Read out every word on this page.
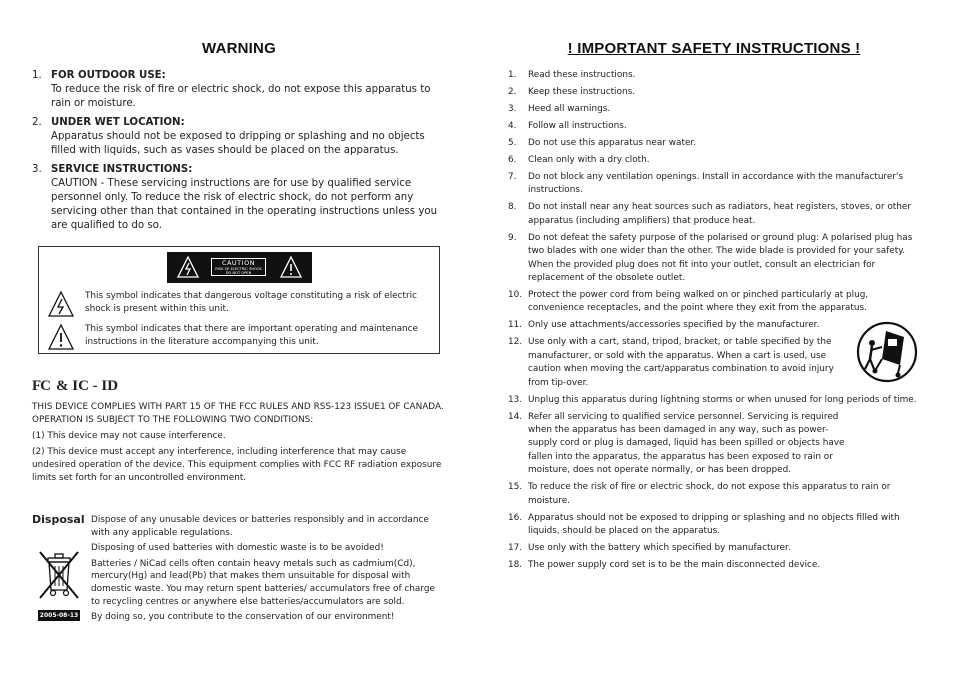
WARNING
1. FOR OUTDOOR USE:
To reduce the risk of fire or electric shock, do not expose this apparatus to rain or moisture.
2. UNDER WET LOCATION:
Apparatus should not be exposed to dripping or splashing and no objects filled with liquids, such as vases should be placed on the apparatus.
3. SERVICE INSTRUCTIONS:
CAUTION - These servicing instructions are for use by qualified service personnel only. To reduce the risk of electric shock, do not perform any servicing other than that contained in the operating instructions unless you are qualified to do so.
CAUTION
RISK OF ELECTRIC SHOCK
DO NOT OPEN
This symbol indicates that dangerous voltage constituting a risk of electric shock is present within this unit.
This symbol indicates that there are important operating and maintenance instructions in the literature accompanying this unit.
FC & IC - ID

THIS DEVICE COMPLIES WITH PART 15 OF THE FCC RULES AND RSS-123 ISSUE1 OF CANADA. OPERATION IS SUBJECT TO THE FOLLOWING TWO CONDITIONS:

(1) This device may not cause interference.

(2) This device must accept any interference, including interference that may cause undesired operation of the device. This equipment complies with FCC RF radiation exposure limits set forth for an uncontrolled environment.

Disposal Dispose of any unusable devices or batteries responsibly and in accordance with any applicable regulations.

Disposing of used batteries with domestic waste is to be avoided!

Batteries / NiCad cells often contain heavy metals such as cadmium(Cd), mercury(Hg) and lead(Pb) that makes them unsuitable for disposal with domestic waste. You may return spent batteries/ accumulators free of charge to recycling centres or anywhere else batteries/accumulators are sold.

By doing so, you contribute to the conservation of our environment!

2005-08-13
! IMPORTANT SAFETY INSTRUCTIONS !
1. Read these instructions.
2. Keep these instructions.
3. Heed all warnings.
4. Follow all instructions.
5. Do not use this apparatus near water.
6. Clean only with a dry cloth.
7. Do not block any ventilation openings. Install in accordance with the manufacturer's instructions.
8. Do not install near any heat sources such as radiators, heat registers, stoves, or other apparatus (including amplifiers) that produce heat.
9. Do not defeat the safety purpose of the polarised or ground plug: A polarised plug has two blades with one wider than the other. The wide blade is provided for your safety. When the provided plug does not fit into your outlet, consult an electrician for replacement of the obsolete outlet.
10. Protect the power cord from being walked on or pinched particularly at plug, convenience receptacles, and the point where they exit from the apparatus.
11. Only use attachments/accessories specified by the manufacturer.
12. Use only with a cart, stand, tripod, bracket, or table specified by the manufacturer, or sold with the apparatus. When a cart is used, use caution when moving the cart/apparatus combination to avoid injury from tip-over.
13. Unplug this apparatus during lightning storms or when unused for long periods of time.
14. Refer all servicing to qualified service personnel. Servicing is required when the apparatus has been damaged in any way, such as power-supply cord or plug is damaged, liquid has been spilled or objects have fallen into the apparatus, the apparatus has been exposed to rain or moisture, does not operate normally, or has been dropped.
15. To reduce the risk of fire or electric shock, do not expose this apparatus to rain or moisture.
16. Apparatus should not be exposed to dripping or splashing and no objects filled with liquids, should be placed on the apparatus.
17. Use only with the battery which specified by manufacturer.
18. The power supply cord set is to be the main disconnected device.
